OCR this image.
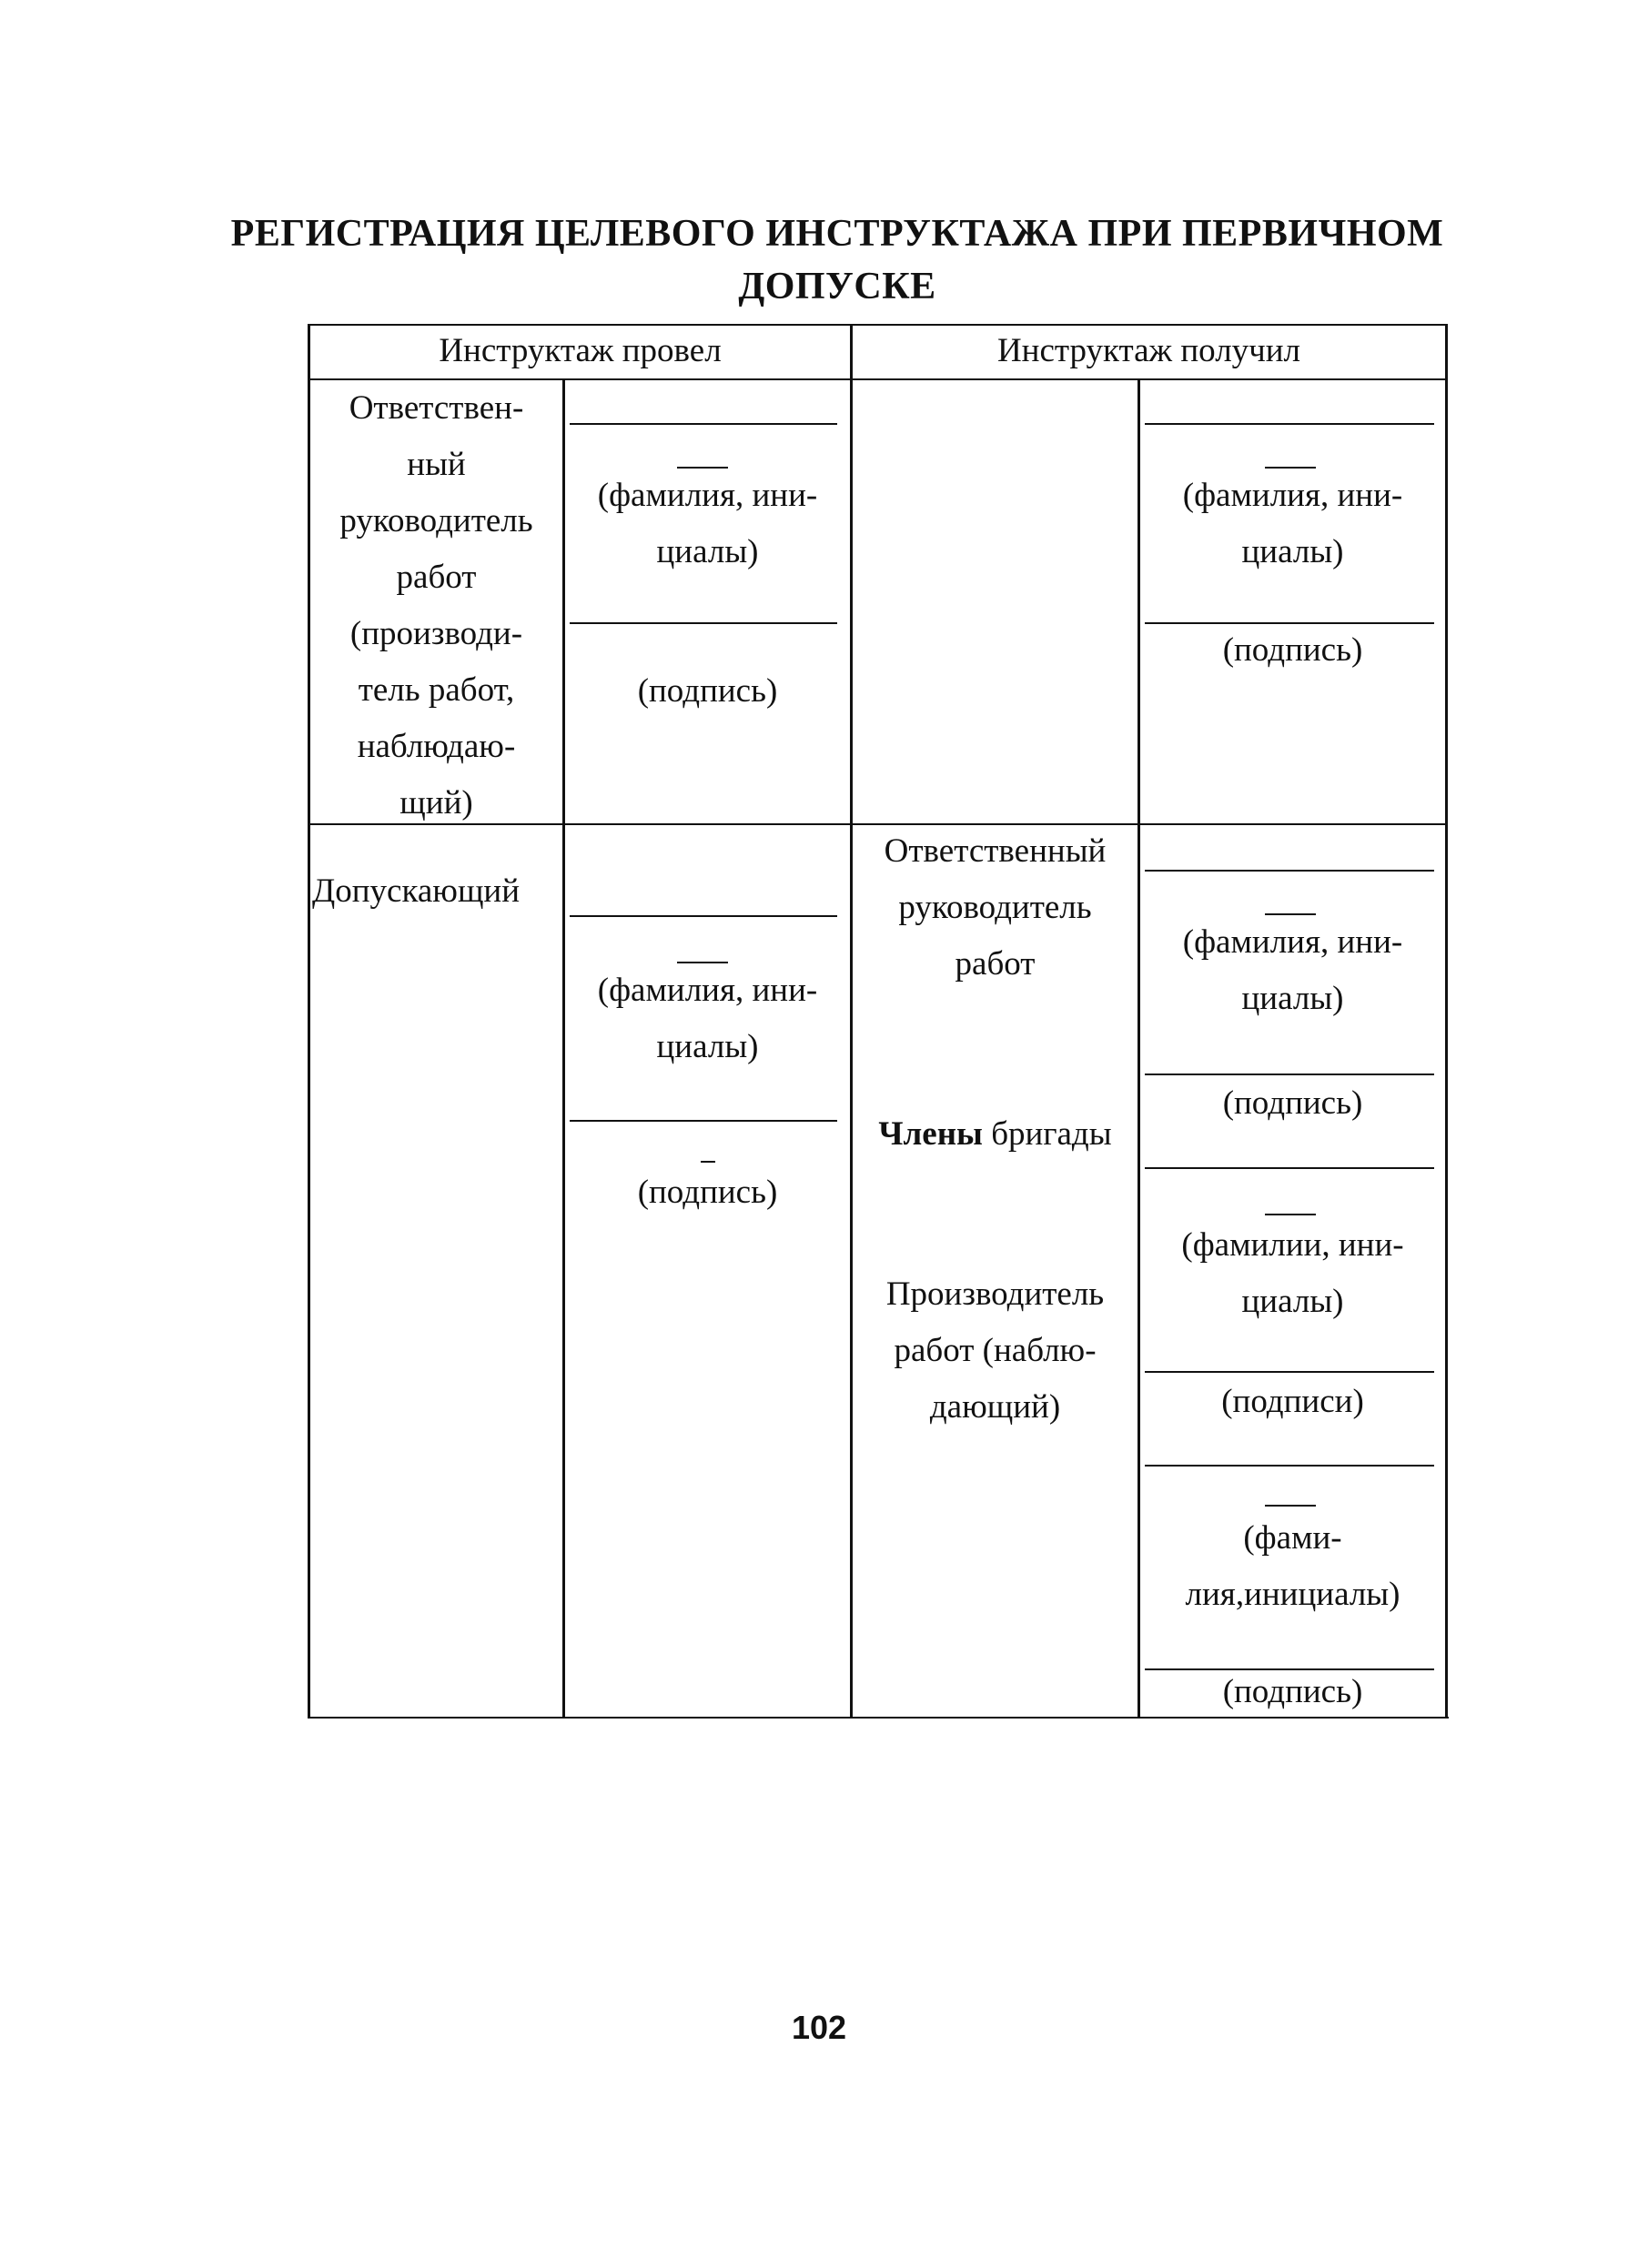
РЕГИСТРАЦИЯ ЦЕЛЕВОГО ИНСТРУКТАЖА ПРИ ПЕРВИЧНОМ
ДОПУСКЕ
Инструктаж провел	Инструктаж получил
Ответствен-
ный
руководитель
работ
(производи-
тель работ,
наблюдаю-
щий)
(фамилия, ини-
циалы)
(подпись)
(фамилия, ини-
циалы)
(подпись)
Допускающий
(фамилия, ини-
циалы)
(подпись)
Ответственный
руководитель
работ
Члены бригады
Производитель
работ (наблю-
дающий)
(фамилия, ини-
циалы)
(подпись)
(фамилии, ини-
циалы)
(подписи)
(фами-
лия,инициалы)
(подпись)
102
